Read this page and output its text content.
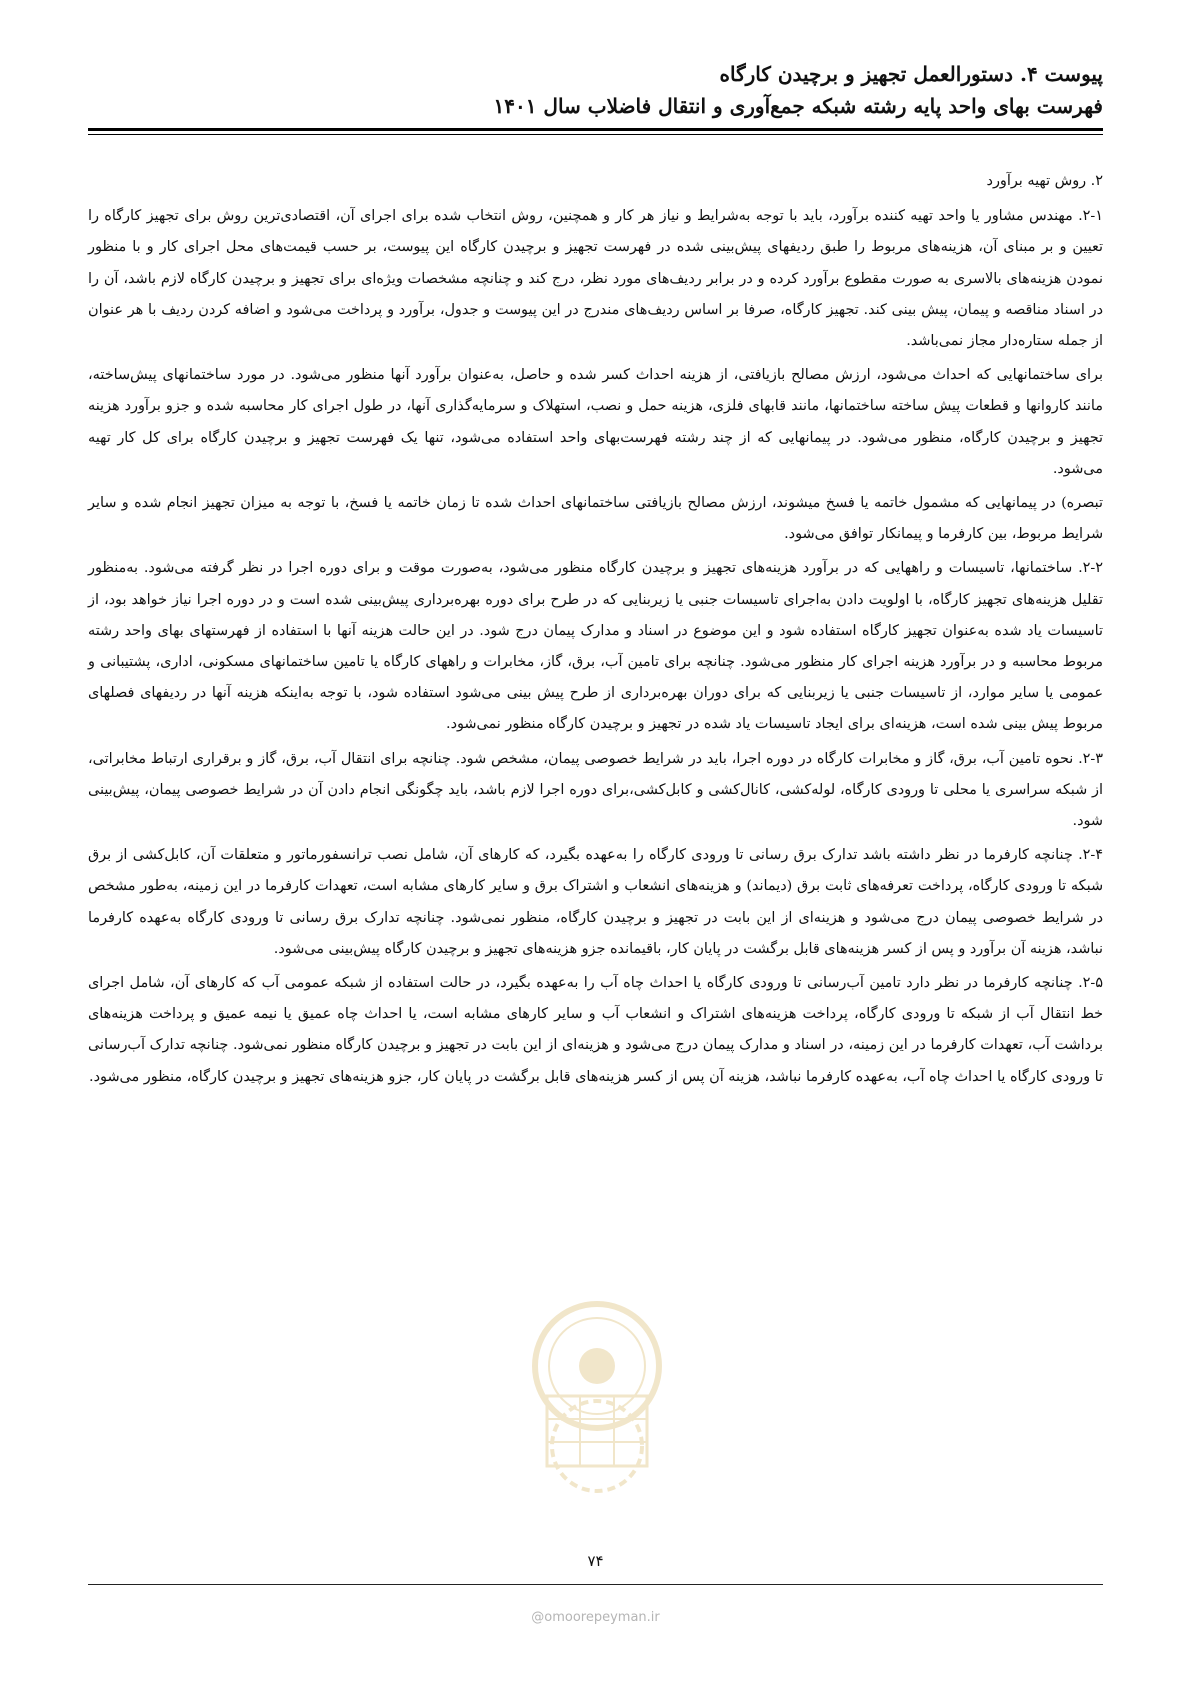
پیوست ۴. دستورالعمل تجهیز و برچیدن کارگاه

فهرست بهای واحد پایه رشته شبکه جمع‌آوری و انتقال فاضلاب سال ۱۴۰۱

۲. روش تهیه برآورد

۲-۱. مهندس مشاور یا واحد تهیه کننده برآورد، باید با توجه به‌شرایط و نیاز هر کار و همچنین، روش انتخاب شده برای اجرای آن، اقتصادی‌ترین روش برای تجهیز کارگاه را تعیین و بر مبنای آن، هزینه‌های مربوط را طبق ردیفهای پیش‌بینی شده در فهرست تجهیز و برچیدن کارگاه این پیوست، بر حسب قیمت‌های محل اجرای کار و با منظور نمودن هزینه‌های بالاسری به صورت مقطوع برآورد کرده و در برابر ردیف‌های مورد نظر، درج کند و چنانچه مشخصات ویژه‌ای برای تجهیز و برچیدن کارگاه لازم باشد، آن را در اسناد مناقصه و پیمان، پیش بینی کند. تجهیز کارگاه، صرفا بر اساس ردیف‌های مندرج در این پیوست و جدول، برآورد و پرداخت می‌شود و اضافه کردن ردیف با هر عنوان از جمله ستاره‌دار مجاز نمی‌باشد.

برای ساختمانهایی که احداث می‌شود، ارزش مصالح بازیافتی، از هزینه احداث کسر شده و حاصل، به‌عنوان برآورد آنها منظور می‌شود. در مورد ساختمانهای پیش‌ساخته، مانند کاروانها و قطعات پیش ساخته ساختمانها، مانند قابهای فلزی، هزینه حمل و نصب، استهلاک و سرمایه‌گذاری آنها، در طول اجرای کار محاسبه شده و جزو برآورد هزینه تجهیز و برچیدن کارگاه، منظور می‌شود. در پیمانهایی که از چند رشته فهرست‌بهای واحد استفاده می‌شود، تنها یک فهرست تجهیز و برچیدن کارگاه برای کل کار تهیه می‌شود.

تبصره) در پیمانهایی که مشمول خاتمه یا فسخ میشوند، ارزش مصالح بازیافتی ساختمانهای احداث شده تا زمان خاتمه یا فسخ، با توجه به میزان تجهیز انجام شده و سایر شرایط مربوط، بین کارفرما و پیمانکار توافق می‌شود.

۲-۲. ساختمانها، تاسیسات و راههایی که در برآورد هزینه‌های تجهیز و برچیدن کارگاه منظور می‌شود، به‌صورت موقت و برای دوره اجرا در نظر گرفته می‌شود. به‌منظور تقلیل هزینه‌های تجهیز کارگاه، با اولویت دادن به‌اجرای تاسیسات جنبی یا زیربنایی که در طرح برای دوره بهره‌برداری پیش‌بینی شده است و در دوره اجرا نیاز خواهد بود، از تاسیسات یاد شده به‌عنوان تجهیز کارگاه استفاده شود و این موضوع در اسناد و مدارک پیمان درج شود. در این حالت هزینه آنها با استفاده از فهرستهای بهای واحد رشته مربوط محاسبه و در برآورد هزینه اجرای کار منظور می‌شود. چنانچه برای تامین آب، برق، گاز، مخابرات و راههای کارگاه یا تامین ساختمانهای مسکونی، اداری، پشتیبانی و عمومی یا سایر موارد، از تاسیسات جنبی یا زیربنایی که برای دوران بهره‌برداری از طرح پیش بینی می‌شود استفاده شود، با توجه به‌اینکه هزینه آنها در ردیفهای فصلهای مربوط پیش بینی شده است، هزینه‌ای برای ایجاد تاسیسات یاد شده در تجهیز و برچیدن کارگاه منظور نمی‌شود.

۲-۳. نحوه تامین آب، برق، گاز و مخابرات کارگاه در دوره اجرا، باید در شرایط خصوصی پیمان، مشخص شود. چنانچه برای انتقال آب، برق، گاز و برقراری ارتباط مخابراتی، از شبکه سراسری یا محلی تا ورودی کارگاه، لوله‌کشی، کانال‌کشی و کابل‌کشی،برای دوره اجرا لازم باشد، باید چگونگی انجام دادن آن در شرایط خصوصی پیمان، پیش‌بینی شود.

۲-۴. چنانچه کارفرما در نظر داشته باشد تدارک برق رسانی تا ورودی کارگاه را به‌عهده بگیرد، که کارهای آن، شامل نصب ترانسفورماتور و متعلقات آن، کابل‌کشی از برق شبکه تا ورودی کارگاه، پرداخت تعرفه‌های ثابت برق (دیماند) و هزینه‌های انشعاب و اشتراک برق و سایر کارهای مشابه است، تعهدات کارفرما در این زمینه، به‌طور مشخص در شرایط خصوصی پیمان درج می‌شود و هزینه‌ای از این بابت در تجهیز و برچیدن کارگاه، منظور نمی‌شود. چنانچه تدارک برق رسانی تا ورودی کارگاه به‌عهده کارفرما نباشد، هزینه آن برآورد و پس از کسر هزینه‌های قابل برگشت در پایان کار، باقیمانده جزو هزینه‌های تجهیز و برچیدن کارگاه پیش‌بینی می‌شود.

۲-۵. چنانچه کارفرما در نظر دارد تامین آب‌رسانی تا ورودی کارگاه یا احداث چاه آب را به‌عهده بگیرد، در حالت استفاده از شبکه عمومی آب که کارهای آن، شامل اجرای خط انتقال آب از شبکه تا ورودی کارگاه، پرداخت هزینه‌های اشتراک و انشعاب آب و سایر کارهای مشابه است، یا احداث چاه عمیق یا نیمه عمیق و پرداخت هزینه‌های برداشت آب، تعهدات کارفرما در این زمینه، در اسناد و مدارک پیمان درج می‌شود و هزینه‌ای از این بابت در تجهیز و برچیدن کارگاه منظور نمی‌شود. چنانچه تدارک آب‌رسانی تا ورودی کارگاه یا احداث چاه آب، به‌عهده کارفرما نباشد، هزینه آن پس از کسر هزینه‌های قابل برگشت در پایان کار، جزو هزینه‌های تجهیز و برچیدن کارگاه، منظور می‌شود.

۷۴
@omoorepeyman.ir
